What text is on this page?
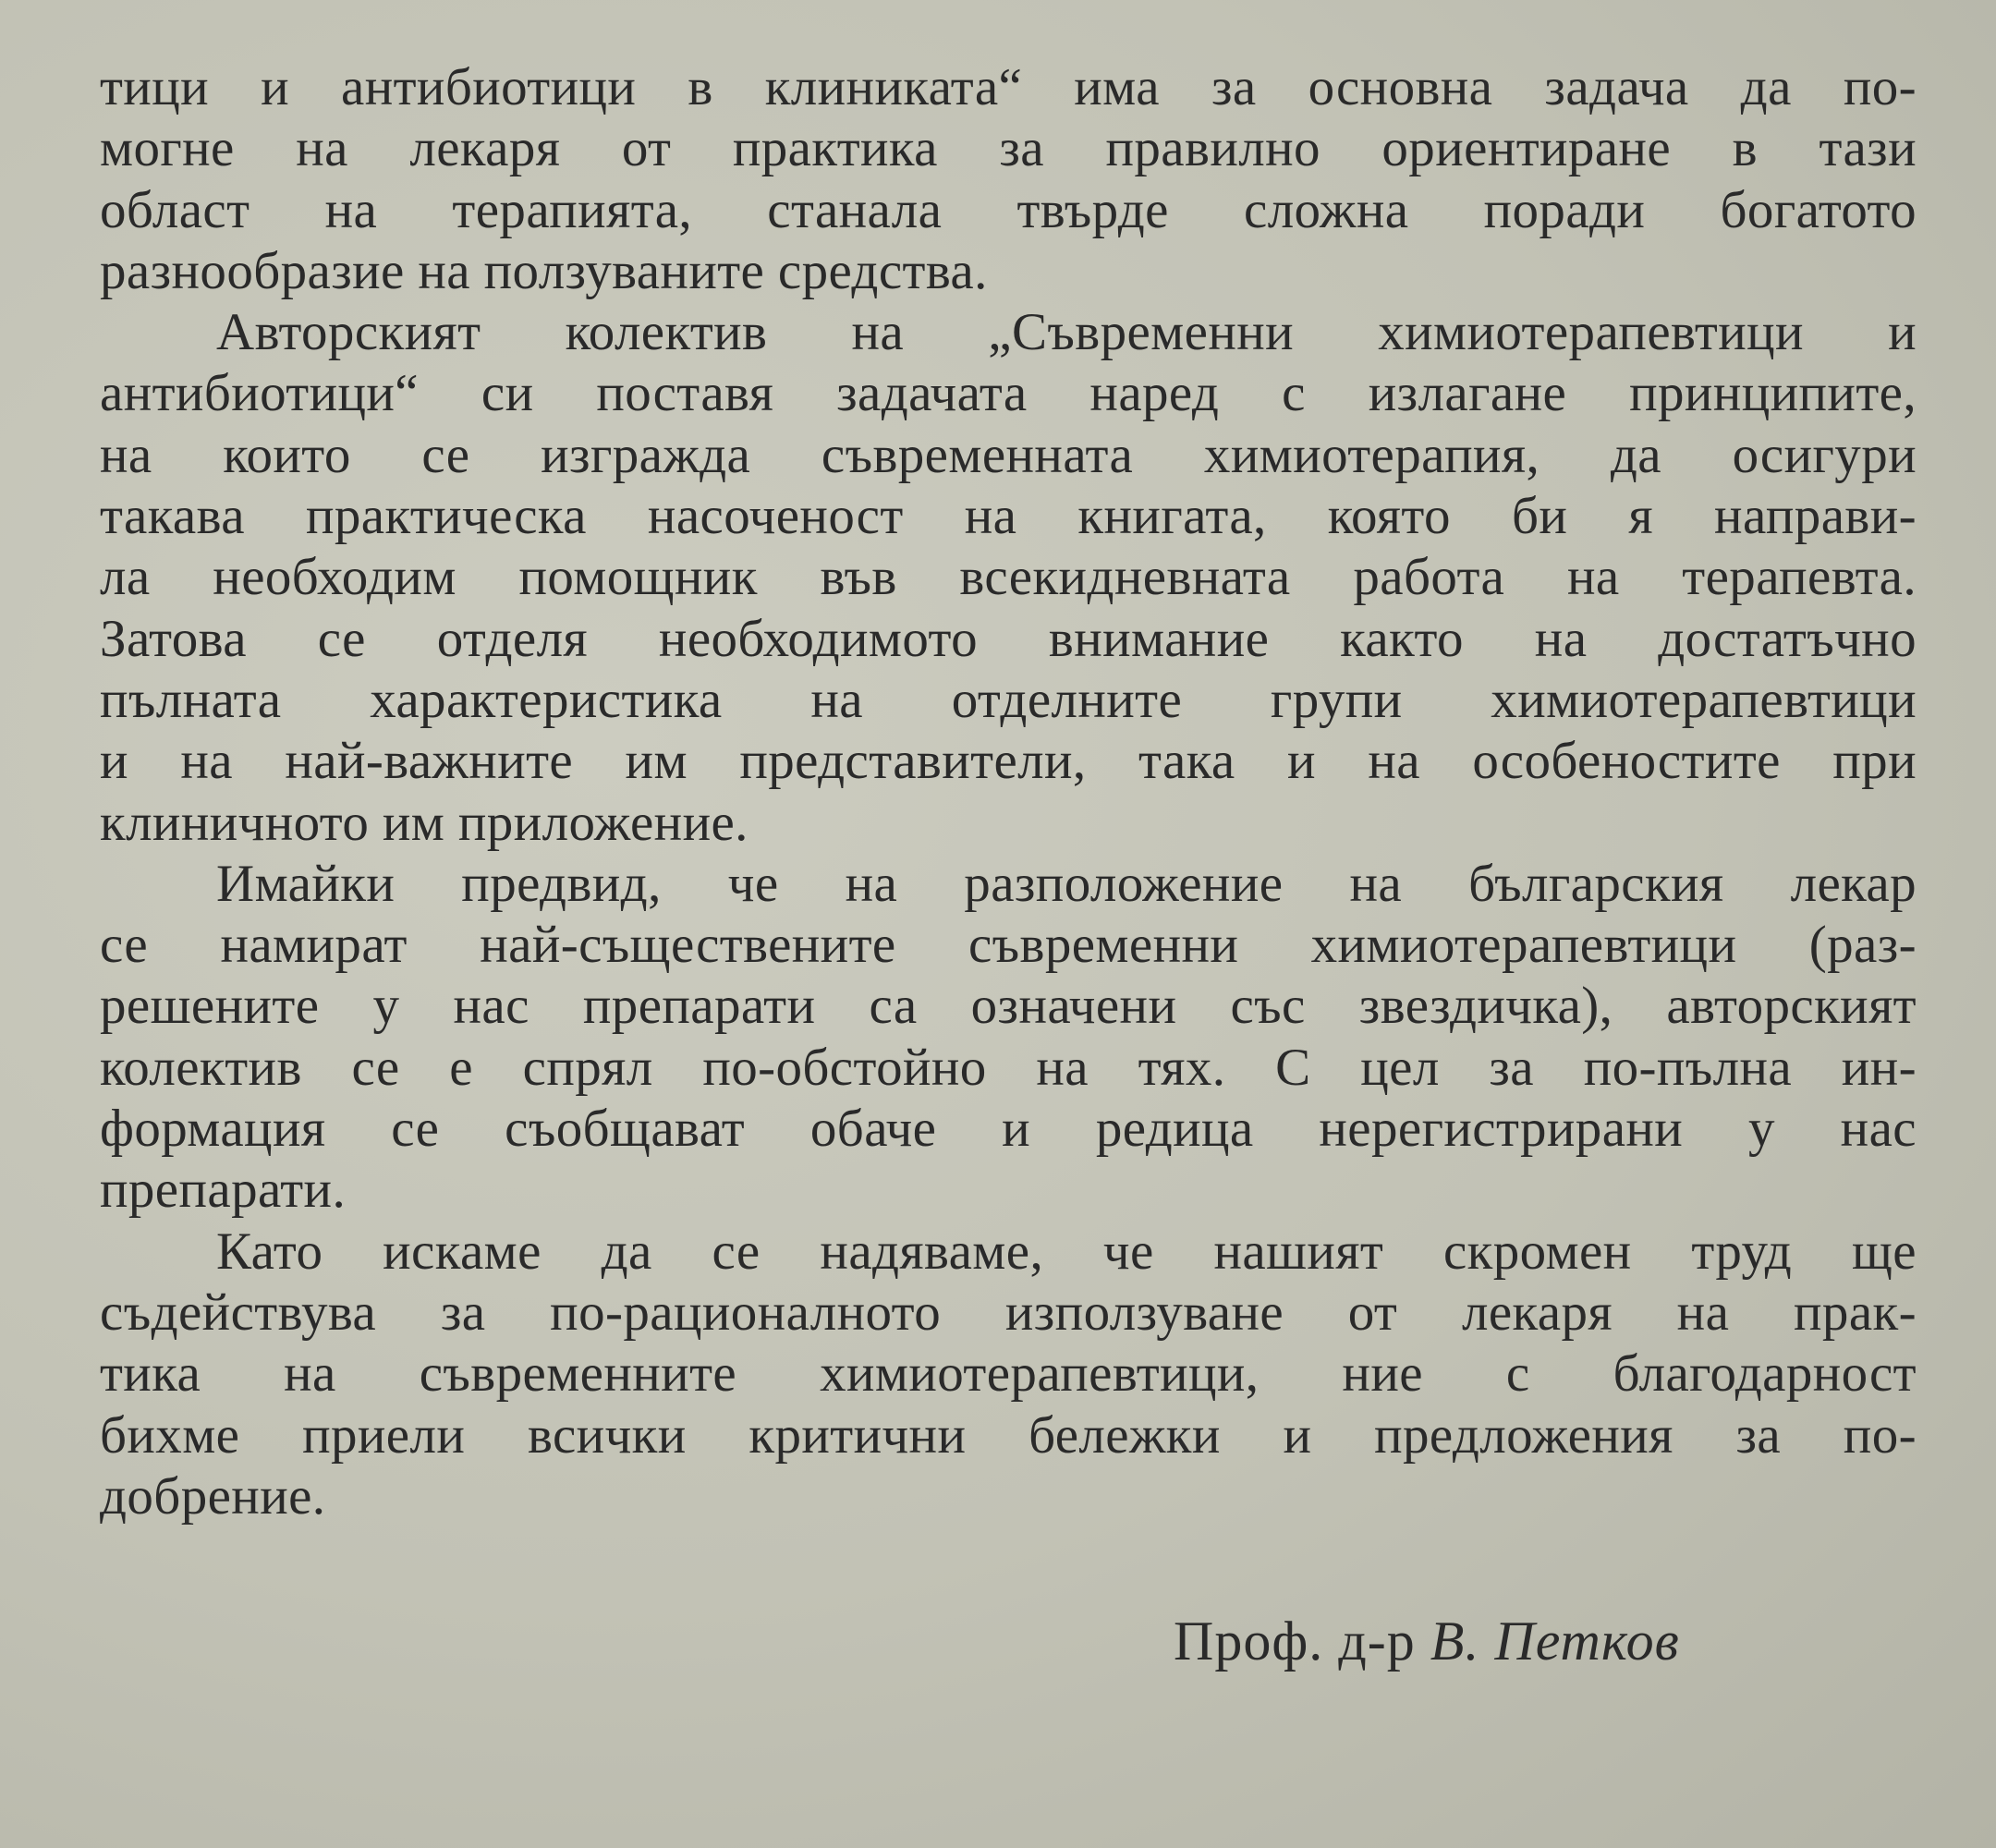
тици и антибиотици в клиниката“ има за основна задача да по-
могне на лекаря от практика за правилно ориентиране в тази
област на терапията, станала твърде сложна поради богатото
разнообразие на ползуваните средства.
Авторският колектив на „Съвременни химиотерапевтици и
антибиотици“ си поставя задачата наред с излагане принципите,
на които се изгражда съвременната химиотерапия, да осигури
такава практическа насоченост на книгата, която би я направи-
ла необходим помощник във всекидневната работа на терапевта.
Затова се отделя необходимото внимание както на достатъчно
пълната характеристика на отделните групи химиотерапевтици
и на най-важните им представители, така и на особеностите при
клиничното им приложение.
Имайки предвид, че на разположение на българския лекар
се намират най-съществените съвременни химиотерапевтици (раз-
решените у нас препарати са означени със звездичка), авторският
колектив се е спрял по-обстойно на тях. С цел за по-пълна ин-
формация се съобщават обаче и редица нерегистрирани у нас
препарати.
Като искаме да се надяваме, че нашият скромен труд ще
съдействува за по-рационалното използуване от лекаря на прак-
тика на съвременните химиотерапевтици, ние с благодарност
бихме приели всички критични бележки и предложения за по-
добрение.
Проф. д-р В. Петков
